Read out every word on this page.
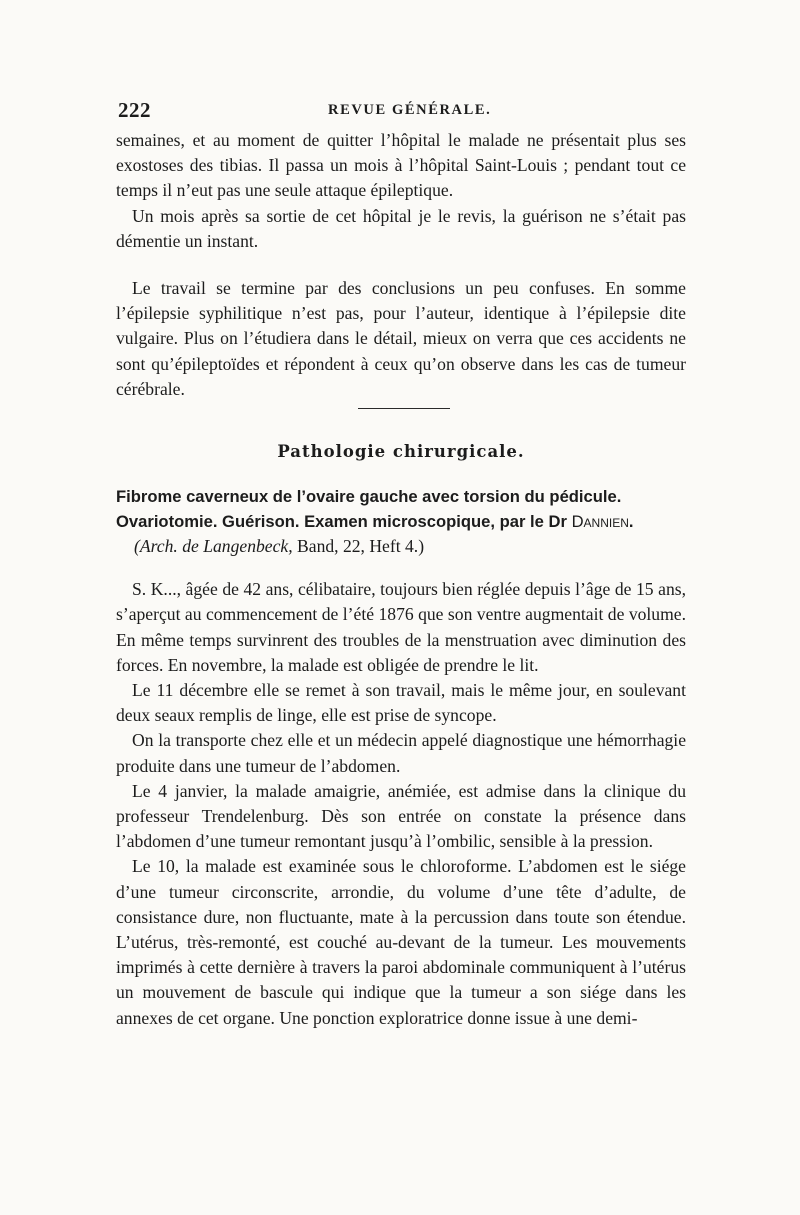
222	REVUE GÉNÉRALE.

semaines, et au moment de quitter l’hôpital le malade ne présentait plus ses exostoses des tibias. Il passa un mois à l’hôpital Saint-Louis ; pendant tout ce temps il n’eut pas une seule attaque épileptique.

Un mois après sa sortie de cet hôpital je le revis, la guérison ne s’était pas démentie un instant.

Le travail se termine par des conclusions un peu confuses. En somme l’épilepsie syphilitique n’est pas, pour l’auteur, identique à l’épilepsie dite vulgaire. Plus on l’étudiera dans le détail, mieux on verra que ces accidents ne sont qu’épileptoïdes et répondent à ceux qu’on observe dans les cas de tumeur cérébrale.

Pathologie chirurgicale.
Fibrome caverneux de l’ovaire gauche avec torsion du pédicule. Ovariotomie. Guérison. Examen microscopique, par le Dr Dannien.
(Arch. de Langenbeck, Band, 22, Heft 4.)

S. K..., âgée de 42 ans, célibataire, toujours bien réglée depuis l’âge de 15 ans, s’aperçut au commencement de l’été 1876 que son ventre augmentait de volume. En même temps survinrent des troubles de la menstruation avec diminution des forces. En novembre, la malade est obligée de prendre le lit.

Le 11 décembre elle se remet à son travail, mais le même jour, en soulevant deux seaux remplis de linge, elle est prise de syncope.

On la transporte chez elle et un médecin appelé diagnostique une hémorrhagie produite dans une tumeur de l’abdomen.

Le 4 janvier, la malade amaigrie, anémiée, est admise dans la clinique du professeur Trendelenburg. Dès son entrée on constate la présence dans l’abdomen d’une tumeur remontant jusqu’à l’ombilic, sensible à la pression.

Le 10, la malade est examinée sous le chloroforme. L’abdomen est le siége d’une tumeur circonscrite, arrondie, du volume d’une tête d’adulte, de consistance dure, non fluctuante, mate à la percussion dans toute son étendue. L’utérus, très-remonté, est couché au-devant de la tumeur. Les mouvements imprimés à cette dernière à travers la paroi abdominale communiquent à l’utérus un mouvement de bascule qui indique que la tumeur a son siége dans les annexes de cet organe. Une ponction exploratrice donne issue à une demi-
